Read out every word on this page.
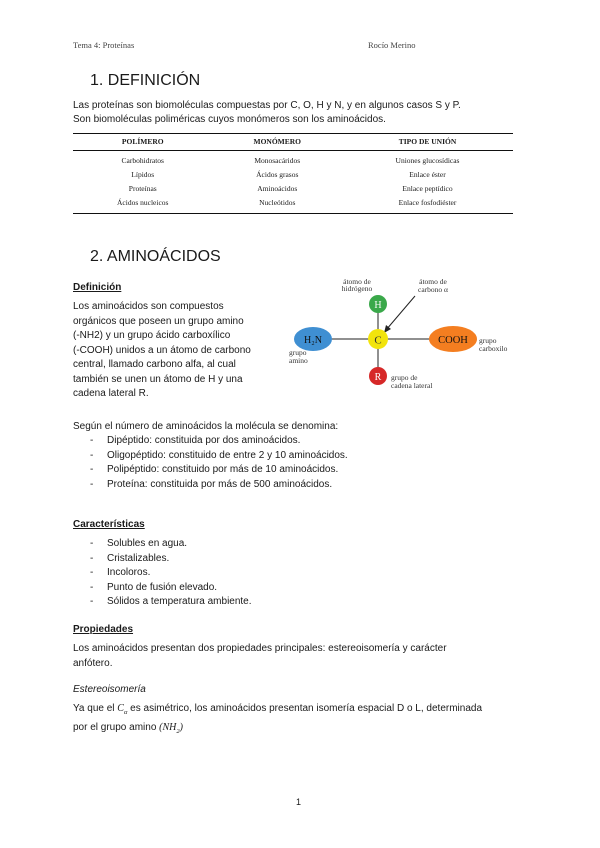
Tema 4: Proteínas	Rocío Merino
1. DEFINICIÓN

Las proteínas son biomoléculas compuestas por C, O, H y N, y en algunos casos S y P.

Son biomoléculas poliméricas cuyos monómeros son los aminoácidos.

POLÍMERO	MONÓMERO	TIPO DE UNIÓN
Carbohidratos	Monosacáridos	Uniones glucosídicas
Lípidos	Ácidos grasos	Enlace éster
Proteínas	Aminoácidos	Enlace peptídico
Ácidos nucleicos	Nucleótidos	Enlace fosfodiéster
2. AMINOÁCIDOS
Definición

Los aminoácidos son compuestos

orgánicos que poseen un grupo amino

(-NH2) y un grupo ácido carboxílico

(-COOH) unidos a un átomo de carbono

central, llamado carbono alfa, al cual

también se unen un átomo de H y una

cadena lateral R.

H
C
H₂N	COOH
R
átomo de
hidrógeno
átomo de
carbono α
grupo
amino
grupo
carboxilo
grupo de
cadena lateral

Según el número de aminoácidos la molécula se denomina:

- Dipéptido: constituida por dos aminoácidos.
- Oligopéptido: constituido de entre 2 y 10 aminoácidos.
- Polipéptido: constituido por más de 10 aminoácidos.
- Proteína: constituida por más de 500 aminoácidos.
Características
- Solubles en agua.
- Cristalizables.
- Incoloros.
- Punto de fusión elevado.
- Sólidos a temperatura ambiente.
Propiedades

Los aminoácidos presentan dos propiedades principales: estereoisomería y carácter

anfótero.

Estereoisomería
Ya que el $C_\alpha$ es asimétrico, los aminoácidos presentan isomería espacial D o L, determinada
por el grupo amino $(NH_2)$
1
